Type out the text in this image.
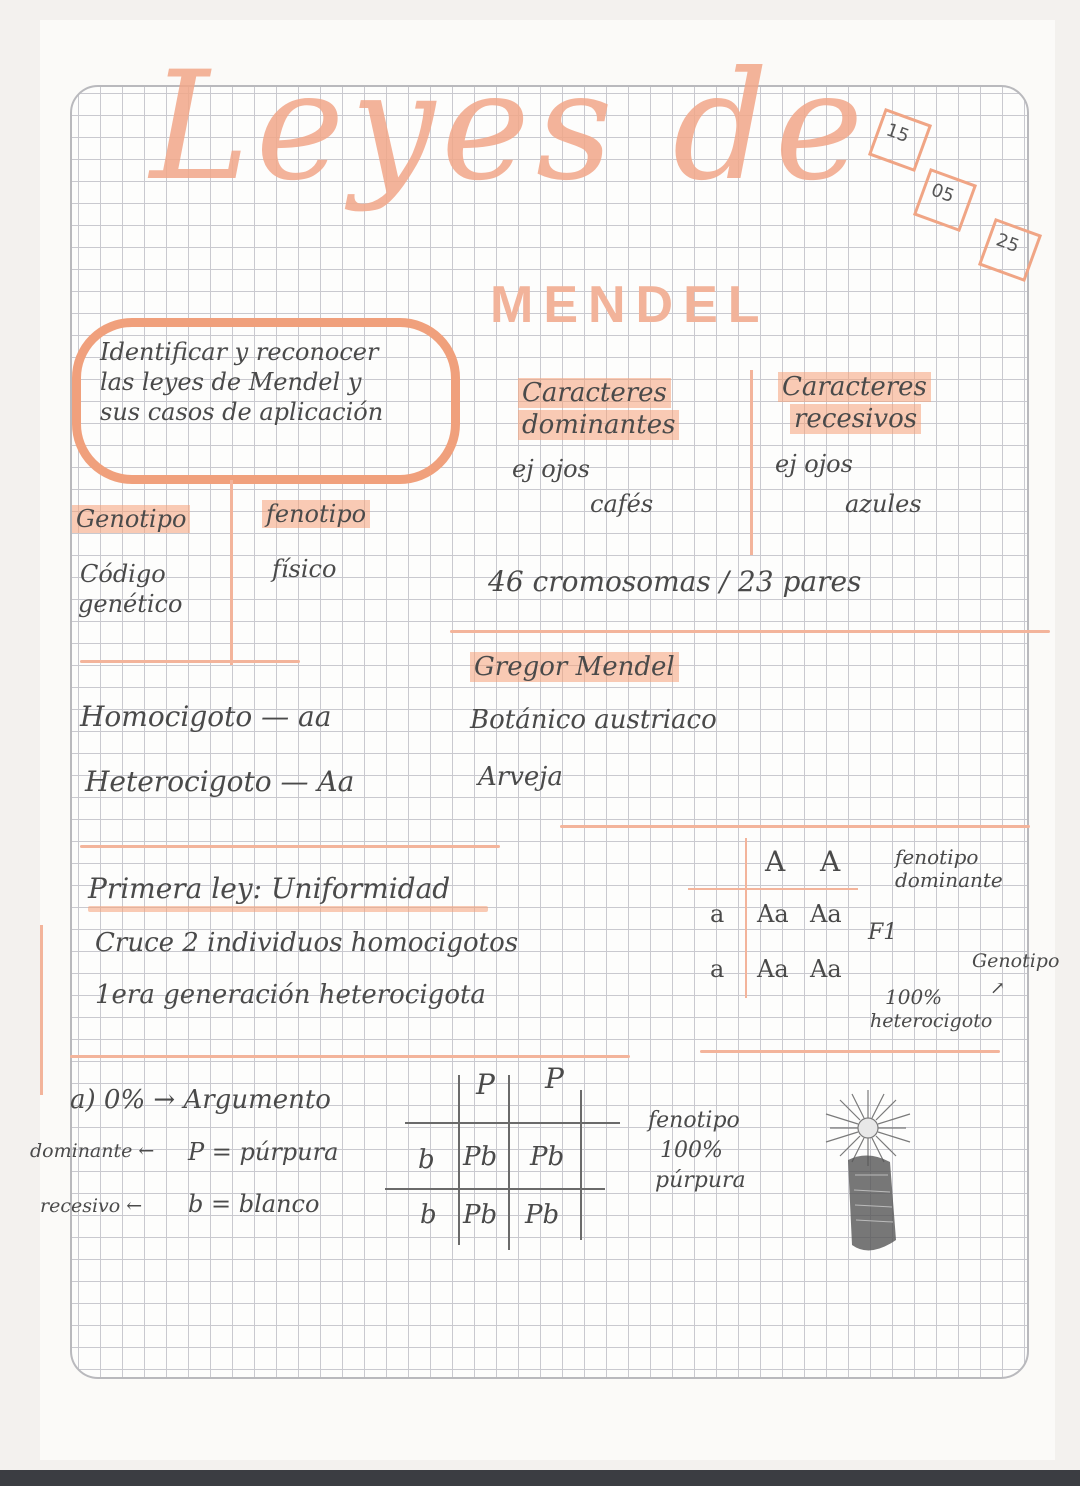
Leyes de
MENDEL
15
05
25
Identificar y reconocer
las leyes de Mendel y
sus casos de aplicación
Caracteres
dominantes
ej ojos
cafés
Caracteres
recesivos
ej ojos
azules
46 cromosomas / 23 pares
Genotipo
Código
genético
fenotipo
físico
Homocigoto — aa
Heterocigoto — Aa
Gregor Mendel
Botánico austriaco
Arveja
Primera ley: Uniformidad
Cruce 2 individuos homocigotos
1era generación heterocigota
A A
a Aa Aa
a Aa Aa
fenotipo
dominante
F1
Genotipo
↗
100%
heterocigoto
a) 0% → Argumento
dominante ← P = púrpura
recesivo ← b = blanco
P P
b Pb Pb
b Pb Pb
fenotipo
100%
púrpura
